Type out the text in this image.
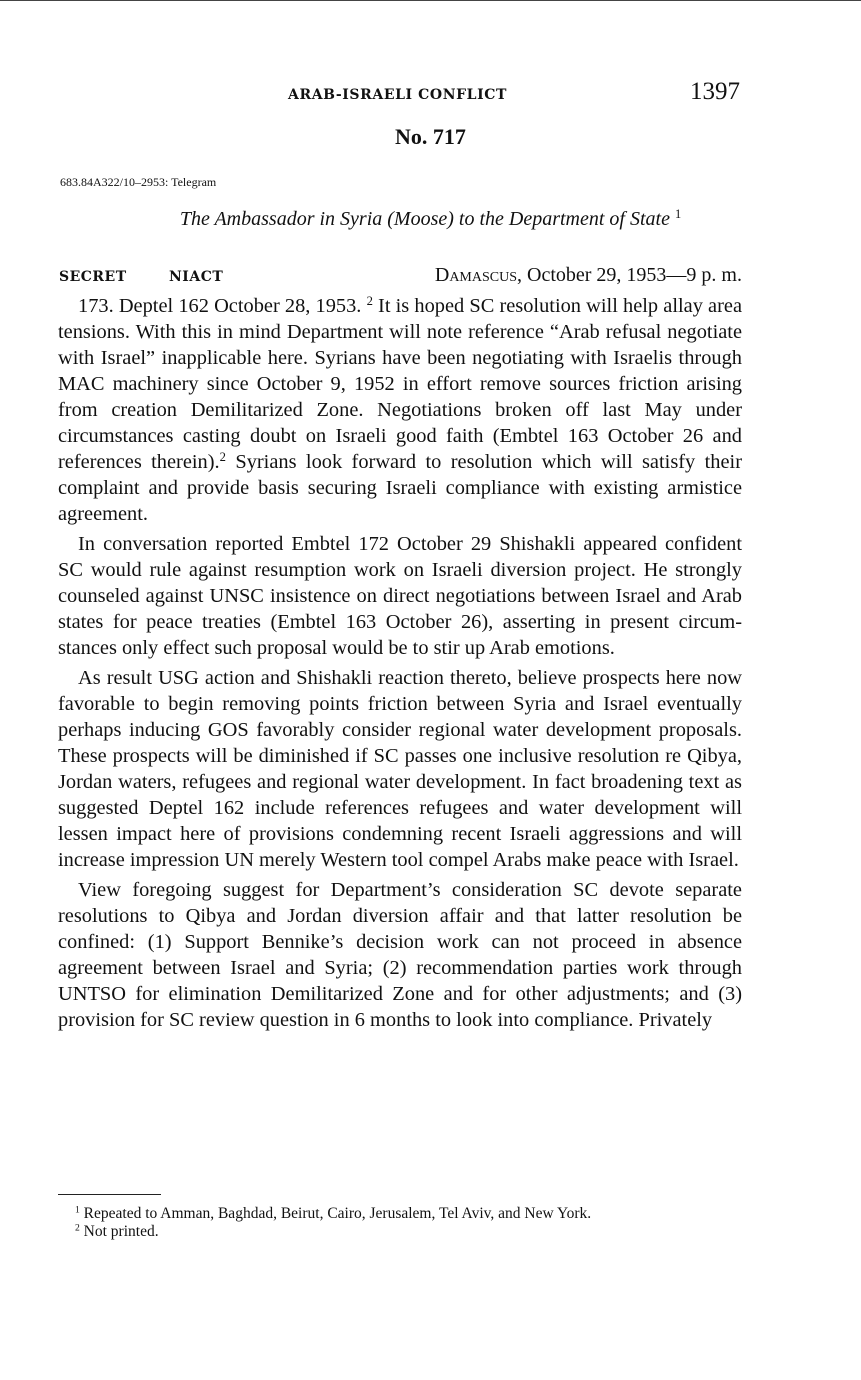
ARAB-ISRAELI CONFLICT	1397
No. 717
683.84A322/10–2953: Telegram
The Ambassador in Syria (Moose) to the Department of State $^1$
SECRET	NIACT	Damascus, October 29, 1953—9 p. m.

173. Deptel 162 October 28, 1953. $^2$ It is hoped SC resolution will help allay area tensions. With this in mind Department will note reference “Arab refusal negotiate with Israel” inapplicable here. Syrians have been negotiating with Israelis through MAC machinery since October 9, 1952 in effort remove sources friction arising from creation Demilitarized Zone. Negotiations broken off last May under circumstances casting doubt on Israeli good faith (Embtel 163 October 26 and references therein).$^2$ Syrians look forward to resolution which will satisfy their complaint and provide basis securing Israeli compliance with existing armistice agreement.

In conversation reported Embtel 172 October 29 Shishakli appeared confident SC would rule against resumption work on Israeli diversion project. He strongly counseled against UNSC insistence on direct negotiations between Israel and Arab states for peace treaties (Embtel 163 October 26), asserting in present circumstances only effect such proposal would be to stir up Arab emotions.

As result USG action and Shishakli reaction thereto, believe prospects here now favorable to begin removing points friction between Syria and Israel eventually perhaps inducing GOS favorably consider regional water development proposals. These prospects will be diminished if SC passes one inclusive resolution re Qibya, Jordan waters, refugees and regional water development. In fact broadening text as suggested Deptel 162 include references refugees and water development will lessen impact here of provisions condemning recent Israeli aggressions and will increase impression UN merely Western tool compel Arabs make peace with Israel.

View foregoing suggest for Department’s consideration SC devote separate resolutions to Qibya and Jordan diversion affair and that latter resolution be confined: (1) Support Bennike’s decision work can not proceed in absence agreement between Israel and Syria; (2) recommendation parties work through UNTSO for elimination Demilitarized Zone and for other adjustments; and (3) provision for SC review question in 6 months to look into compliance. Privately

$^1$ Repeated to Amman, Baghdad, Beirut, Cairo, Jerusalem, Tel Aviv, and New York.
$^2$ Not printed.
